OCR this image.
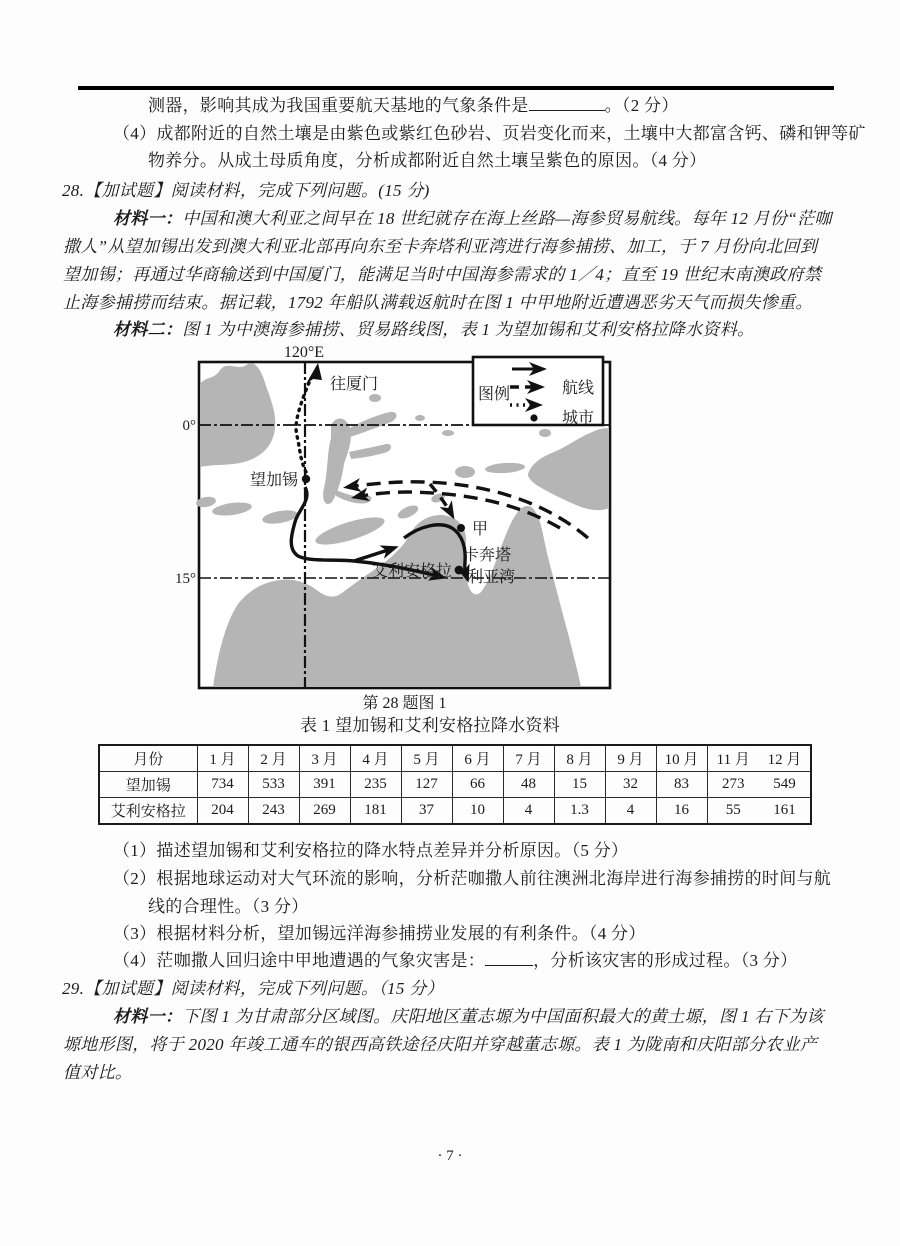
测器，影响其成为我国重要航天基地的气象条件是	。（2 分）
（4）成都附近的自然土壤是由紫色或紫红色砂岩、页岩变化而来，土壤中大都富含钙、磷和钾等矿
物养分。从成土母质角度，分析成都附近自然土壤呈紫色的原因。（4 分）
28.【加试题】阅读材料，完成下列问题。(15 分)
材料一：中国和澳大利亚之间早在 18 世纪就存在海上丝路—海参贸易航线。每年 12 月份“茫咖
撒人”从望加锡出发到澳大利亚北部再向东至卡奔塔利亚湾进行海参捕捞、加工，于 7 月份向北回到
望加锡；再通过华商输送到中国厦门，能满足当时中国海参需求的 1／4；直至 19 世纪末南澳政府禁
止海参捕捞而结束。据记载，1792 年船队满载返航时在图 1 中甲地附近遭遇恶劣天气而损失惨重。
材料二：图 1 为中澳海参捕捞、贸易路线图，表 1 为望加锡和艾利安格拉降水资料。
图例	航线
城市
120°E
0°
15°
往厦门
望加锡
甲
卡奔塔
利亚湾
艾利安格拉
第 28 题图 1
表 1 望加锡和艾利安格拉降水资料
月份	1 月	2 月	3 月	4 月	5 月	6 月	7 月	8 月	9 月	10 月	11 月	12 月
望加锡	734	533	391	235	127	66	48	15	32	83	273	549
艾利安格拉	204	243	269	181	37	10	4	1.3	4	16	55	161
（1）描述望加锡和艾利安格拉的降水特点差异并分析原因。（5 分）
（2）根据地球运动对大气环流的影响，分析茫咖撒人前往澳洲北海岸进行海参捕捞的时间与航
线的合理性。（3 分）
（3）根据材料分析，望加锡远洋海参捕捞业发展的有利条件。（4 分）
（4）茫咖撒人回归途中甲地遭遇的气象灾害是：	，分析该灾害的形成过程。（3 分）
29.【加试题】阅读材料，完成下列问题。（15 分）
材料一：下图 1 为甘肃部分区域图。庆阳地区董志塬为中国面积最大的黄土塬，图 1 右下为该
塬地形图，将于 2020 年竣工通车的银西高铁途径庆阳并穿越董志塬。表 1 为陇南和庆阳部分农业产
值对比。
· 7 ·
